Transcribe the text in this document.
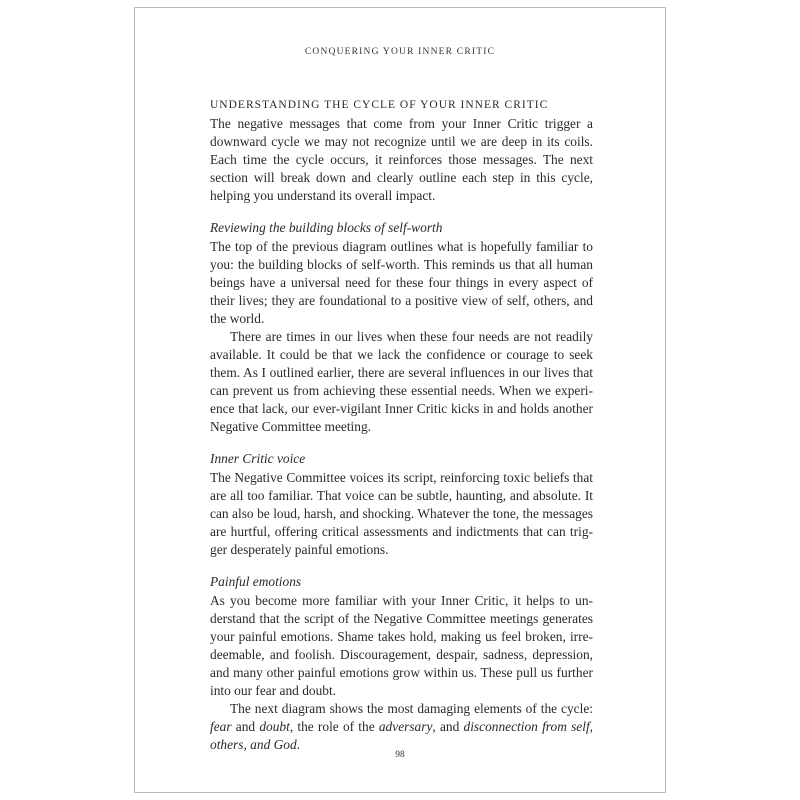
CONQUERING YOUR INNER CRITIC
UNDERSTANDING THE CYCLE OF YOUR INNER CRITIC

The negative messages that come from your Inner Critic trigger a downward cycle we may not recognize until we are deep in its coils. Each time the cycle occurs, it reinforces those messages. The next section will break down and clearly outline each step in this cycle, helping you understand its overall impact.

Reviewing the building blocks of self-worth

The top of the previous diagram outlines what is hopefully familiar to you: the building blocks of self-worth. This reminds us that all human beings have a universal need for these four things in every aspect of their lives; they are foundational to a positive view of self, others, and the world.

There are times in our lives when these four needs are not readily available. It could be that we lack the confidence or courage to seek them. As I outlined earlier, there are several influences in our lives that can prevent us from achieving these essential needs. When we experience that lack, our ever-vigilant Inner Critic kicks in and holds another Negative Committee meeting.

Inner Critic voice

The Negative Committee voices its script, reinforcing toxic beliefs that are all too familiar. That voice can be subtle, haunting, and absolute. It can also be loud, harsh, and shocking. Whatever the tone, the messages are hurtful, offering critical assessments and indictments that can trigger desperately painful emotions.

Painful emotions

As you become more familiar with your Inner Critic, it helps to understand that the script of the Negative Committee meetings generates your painful emotions. Shame takes hold, making us feel broken, irredeemable, and foolish. Discouragement, despair, sadness, depression, and many other painful emotions grow within us. These pull us further into our fear and doubt.

The next diagram shows the most damaging elements of the cycle: fear and doubt, the role of the adversary, and disconnection from self, others, and God.

98
